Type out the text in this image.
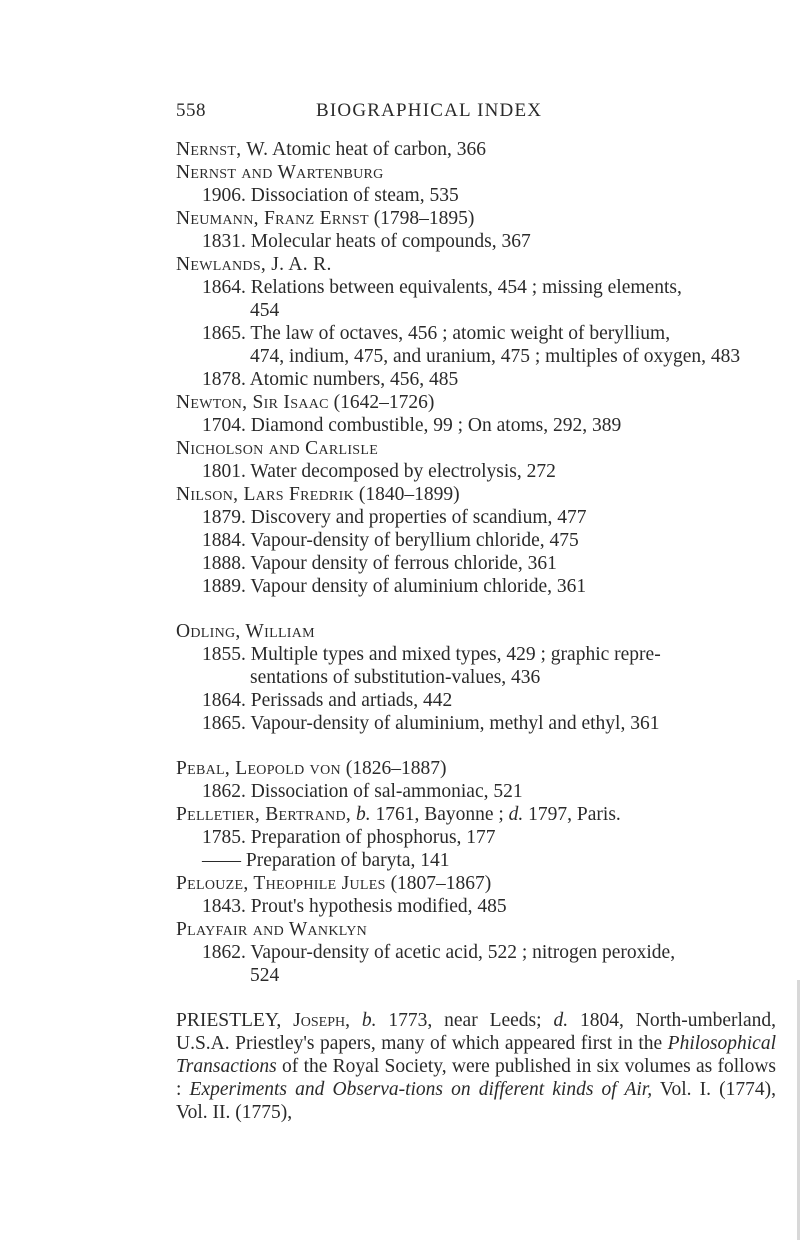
558	BIOGRAPHICAL INDEX
Nernst, W. Atomic heat of carbon, 366
Nernst and Wartenburg
1906. Dissociation of steam, 535
Neumann, Franz Ernst (1798–1895)
1831. Molecular heats of compounds, 367
Newlands, J. A. R.
1864. Relations between equivalents, 454 ; missing elements,
454
1865. The law of octaves, 456 ; atomic weight of beryllium,
474, indium, 475, and uranium, 475 ; multiples of oxygen, 483
1878. Atomic numbers, 456, 485
Newton, Sir Isaac (1642–1726)
1704. Diamond combustible, 99 ; On atoms, 292, 389
Nicholson and Carlisle
1801. Water decomposed by electrolysis, 272
Nilson, Lars Fredrik (1840–1899)
1879. Discovery and properties of scandium, 477
1884. Vapour-density of beryllium chloride, 475
1888. Vapour density of ferrous chloride, 361
1889. Vapour density of aluminium chloride, 361
Odling, William
1855. Multiple types and mixed types, 429 ; graphic repre-
sentations of substitution-values, 436
1864. Perissads and artiads, 442
1865. Vapour-density of aluminium, methyl and ethyl, 361
Pebal, Leopold von (1826–1887)
1862. Dissociation of sal-ammoniac, 521
Pelletier, Bertrand, b. 1761, Bayonne ; d. 1797, Paris.
1785. Preparation of phosphorus, 177
—— Preparation of baryta, 141
Pelouze, Theophile Jules (1807–1867)
1843. Prout's hypothesis modified, 485
Playfair and Wanklyn
1862. Vapour-density of acetic acid, 522 ; nitrogen peroxide,
524
PRIESTLEY, Joseph, b. 1773, near Leeds; d. 1804, North-umberland, U.S.A. Priestley's papers, many of which appeared first in the Philosophical Transactions of the Royal Society, were published in six volumes as follows : Experiments and Observa-tions on different kinds of Air, Vol. I. (1774), Vol. II. (1775),
